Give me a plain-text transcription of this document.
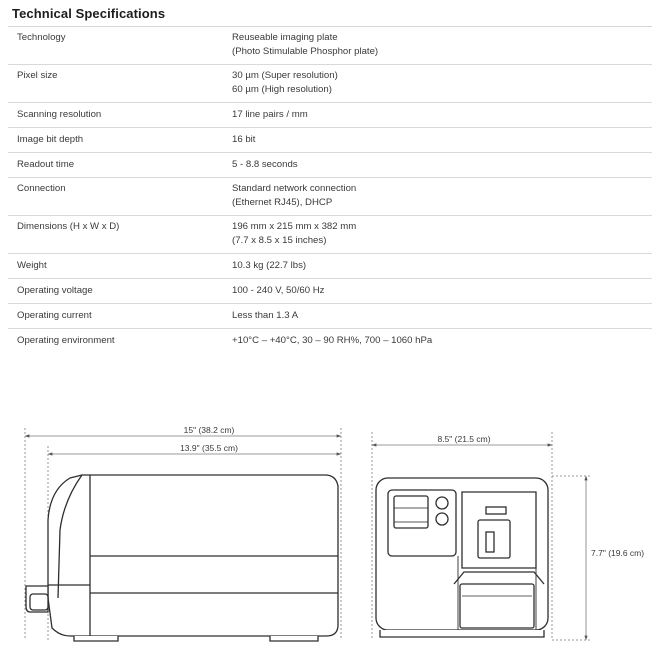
Technical Specifications
Technology	Reuseable imaging plate
(Photo Stimulable Phosphor plate)
Pixel size	30 µm (Super resolution)
60 µm (High resolution)
Scanning resolution	17 line pairs / mm
Image bit depth	16 bit
Readout time	5 - 8.8 seconds
Connection	Standard network connection
(Ethernet RJ45), DHCP
Dimensions (H x W x D)	196 mm x 215 mm x 382 mm
(7.7 x 8.5 x 15 inches)
Weight	10.3 kg (22.7 lbs)
Operating voltage	100 - 240 V, 50/60 Hz
Operating current	Less than 1.3 A
Operating environment	+10°C – +40°C, 30 – 90 RH%, 700 – 1060 hPa
15" (38.2 cm)
13.9" (35.5 cm)
8.5" (21.5 cm)
7.7" (19.6 cm)
